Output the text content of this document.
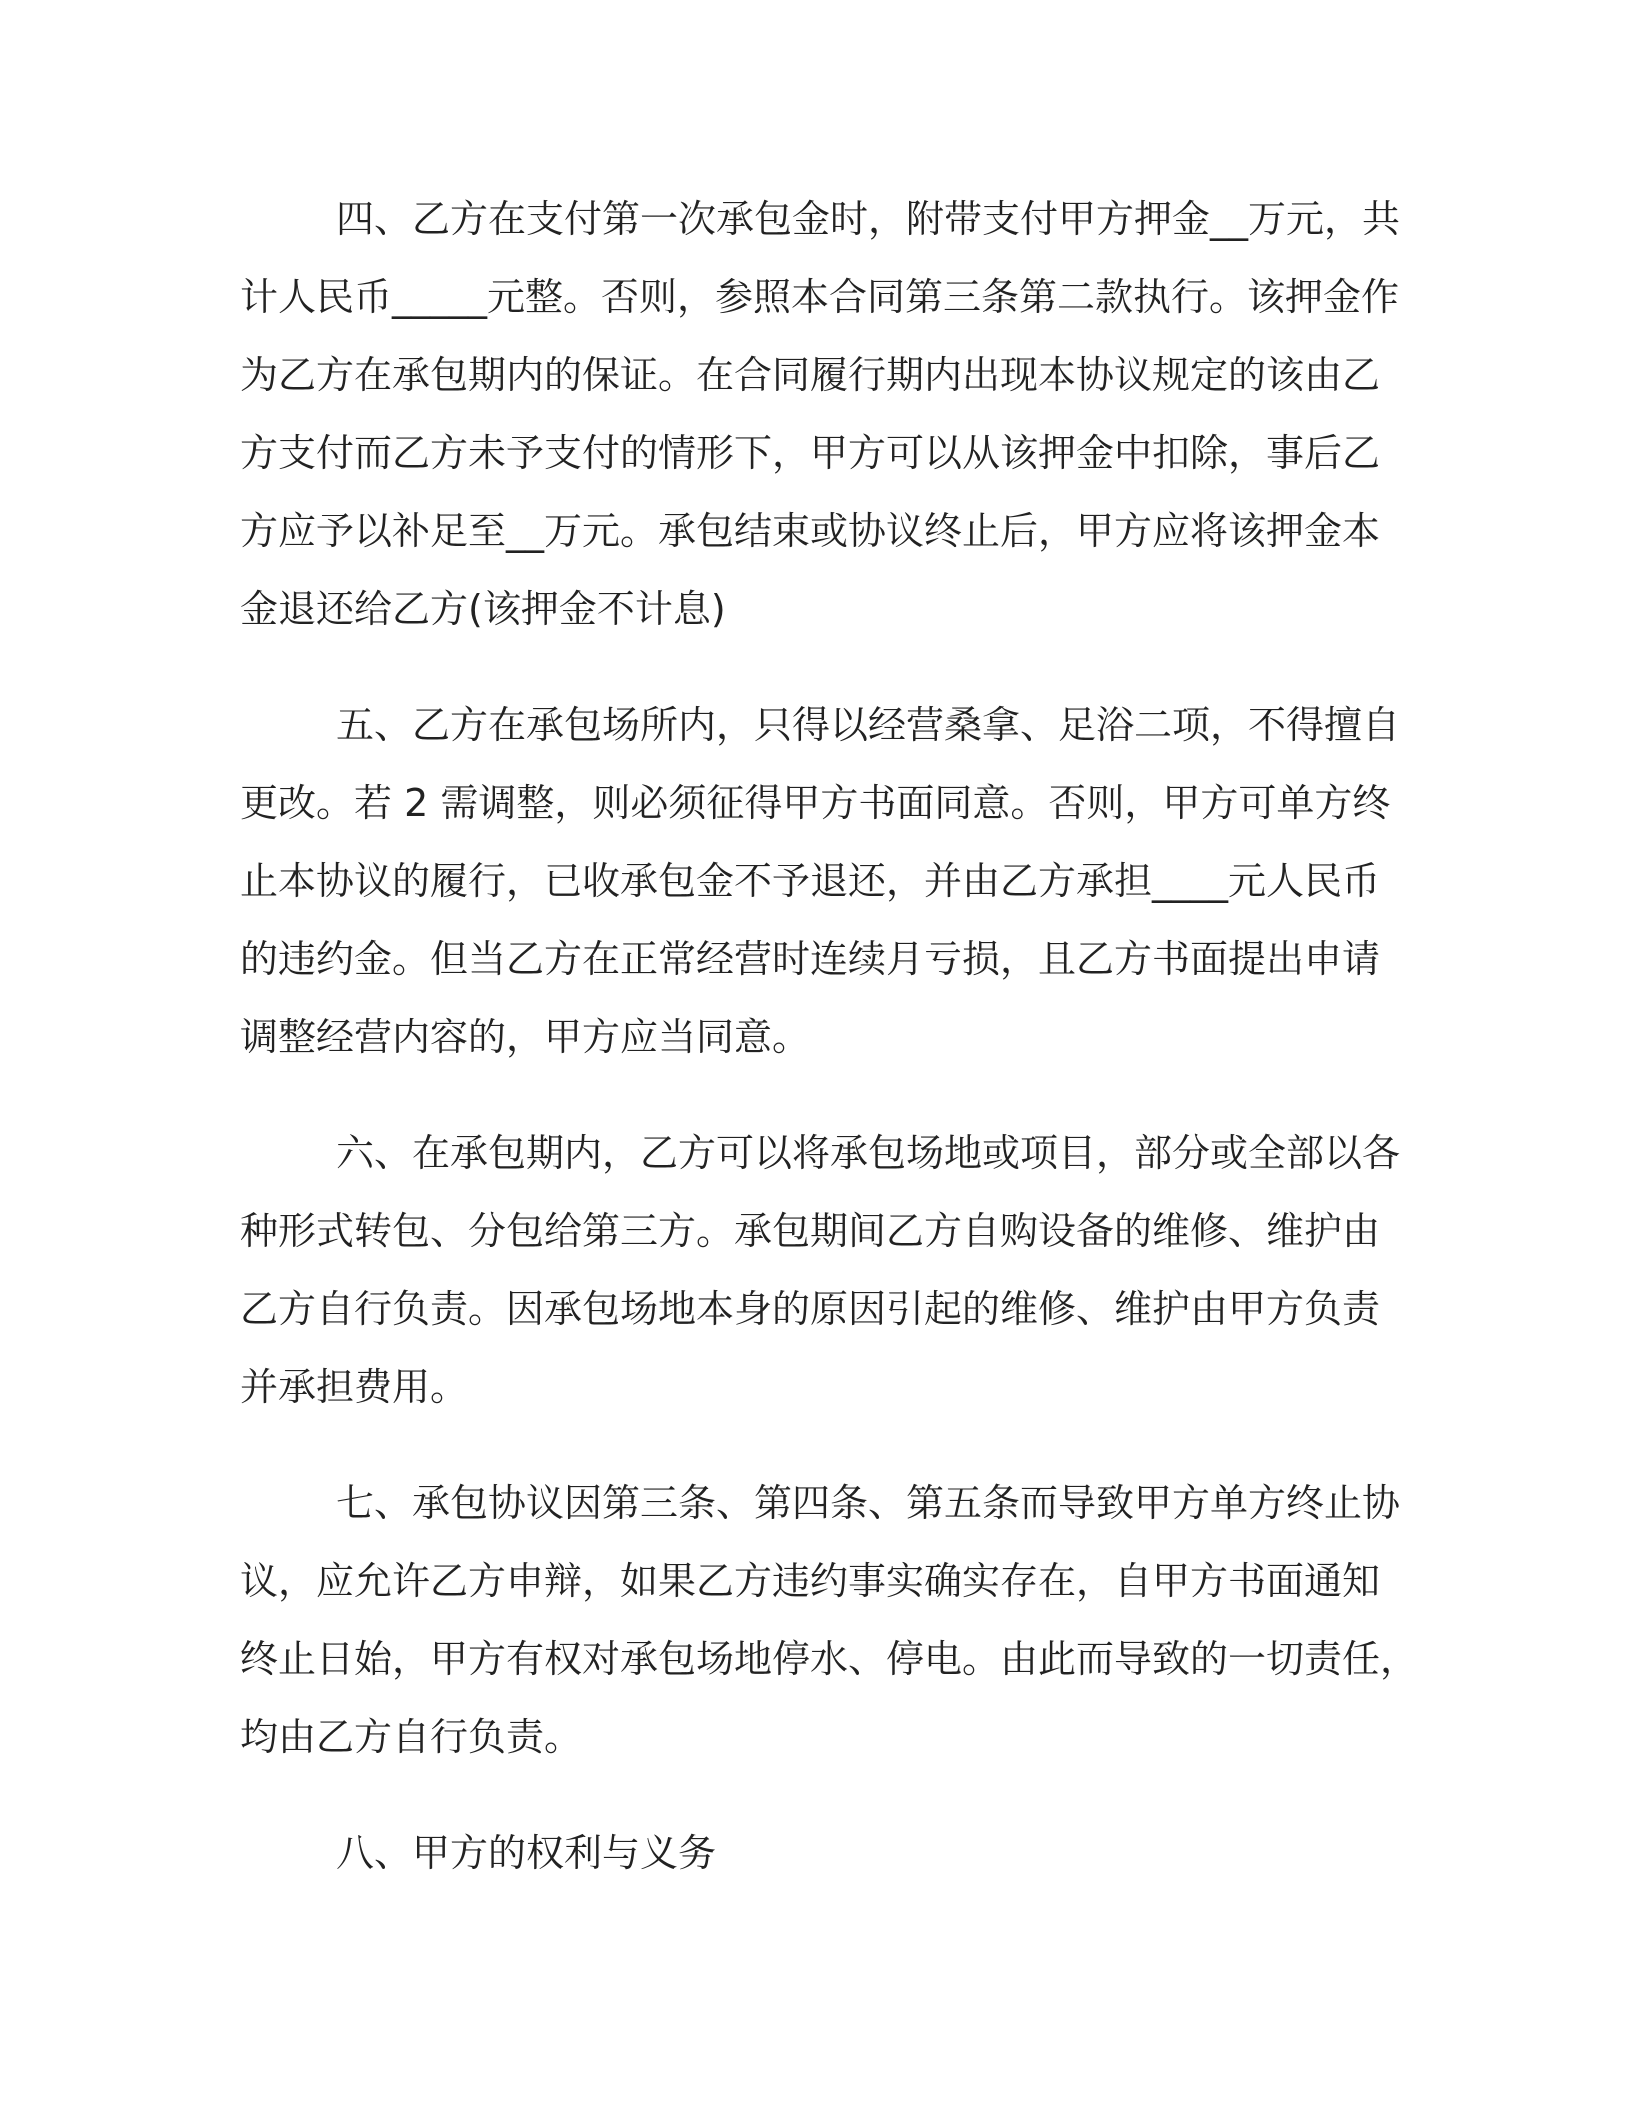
四、乙方在支付第一次承包金时，附带支付甲方押金__万元，共
计人民币_____元整。否则，参照本合同第三条第二款执行。该押金作
为乙方在承包期内的保证。在合同履行期内出现本协议规定的该由乙
方支付而乙方未予支付的情形下，甲方可以从该押金中扣除，事后乙
方应予以补足至__万元。承包结束或协议终止后，甲方应将该押金本
金退还给乙方(该押金不计息)
五、乙方在承包场所内，只得以经营桑拿、足浴二项，不得擅自
更改。若 2 需调整，则必须征得甲方书面同意。否则，甲方可单方终
止本协议的履行，已收承包金不予退还，并由乙方承担____元人民币
的违约金。但当乙方在正常经营时连续月亏损，且乙方书面提出申请
调整经营内容的，甲方应当同意。
六、在承包期内，乙方可以将承包场地或项目，部分或全部以各
种形式转包、分包给第三方。承包期间乙方自购设备的维修、维护由
乙方自行负责。因承包场地本身的原因引起的维修、维护由甲方负责
并承担费用。
七、承包协议因第三条、第四条、第五条而导致甲方单方终止协
议，应允许乙方申辩，如果乙方违约事实确实存在，自甲方书面通知
终止日始，甲方有权对承包场地停水、停电。由此而导致的一切责任，
均由乙方自行负责。
八、甲方的权利与义务
